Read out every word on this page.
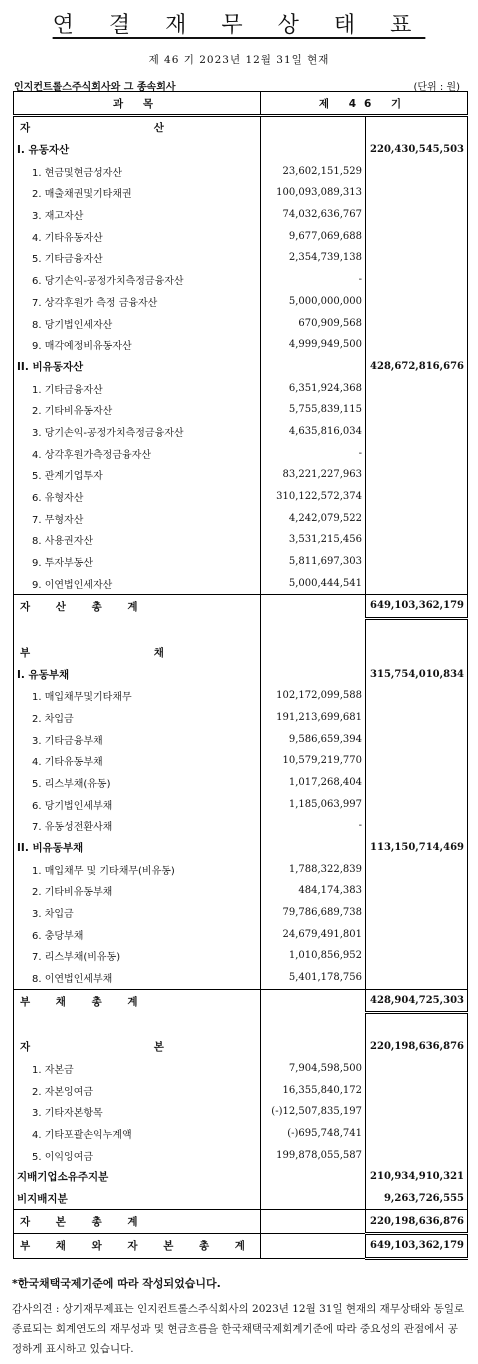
연 결 재 무 상 태 표
제 46 기 2023년 12월 31일 현재
인지컨트롤스주식회사와 그 종속회사	(단위 : 원)
과 목	제 46 기	
자 산		
I. 유동자산		220,430,545,503
1. 현금및현금성자산	23,602,151,529	
2. 매출채권및기타채권	100,093,089,313	
3. 재고자산	74,032,636,767	
4. 기타유동자산	9,677,069,688	
5. 기타금융자산	2,354,739,138	
6. 당기손익-공정가치측정금융자산	-	
7. 상각후원가 측정 금융자산	5,000,000,000	
8. 당기법인세자산	670,909,568	
9. 매각예정비유동자산	4,999,949,500	
II. 비유동자산		428,672,816,676
1. 기타금융자산	6,351,924,368	
2. 기타비유동자산	5,755,839,115	
3. 당기손익-공정가치측정금융자산	4,635,816,034	
4. 상각후원가측정금융자산	-	
5. 관계기업투자	83,221,227,963	
6. 유형자산	310,122,572,374	
7. 무형자산	4,242,079,522	
8. 사용권자산	3,531,215,456	
9. 투자부동산	5,811,697,303	
9. 이연법인세자산	5,000,444,541	
자 산 총 계		649,103,362,179

부 채		
I. 유동부채		315,754,010,834
1. 매입채무및기타채무	102,172,099,588	
2. 차입금	191,213,699,681	
3. 기타금융부채	9,586,659,394	
4. 기타유동부채	10,579,219,770	
5. 리스부채(유동)	1,017,268,404	
6. 당기법인세부채	1,185,063,997	
7. 유동성전환사채	-	
II. 비유동부채		113,150,714,469
1. 매입채무 및 기타채무(비유동)	1,788,322,839	
2. 기타비유동부채	484,174,383	
3. 차입금	79,786,689,738	
6. 충당부채	24,679,491,801	
7. 리스부채(비유동)	1,010,856,952	
8. 이연법인세부채	5,401,178,756	
부 채 총 계		428,904,725,303

자 본		220,198,636,876
1. 자본금	7,904,598,500	
2. 자본잉여금	16,355,840,172	
3. 기타자본항목	(-)12,507,835,197	
4. 기타포괄손익누계액	(-)695,748,741	
5. 이익잉여금	199,878,055,587	
지배기업소유주지분		210,934,910,321
비지배지분		9,263,726,555
자 본 총 계		220,198,636,876
부 채 와 자 본 총 계		649,103,362,179
*한국채택국제기준에 따라 작성되었습니다.
감사의견 : 상기재무제표는 인지컨트롤스주식회사의 2023년 12월 31일 현재의 재무상태와 동일로 종료되는 회계연도의 재무성과 및 현금흐름을 한국채택국제회계기준에 따라 중요성의 관점에서 공정하게 표시하고 있습니다.
